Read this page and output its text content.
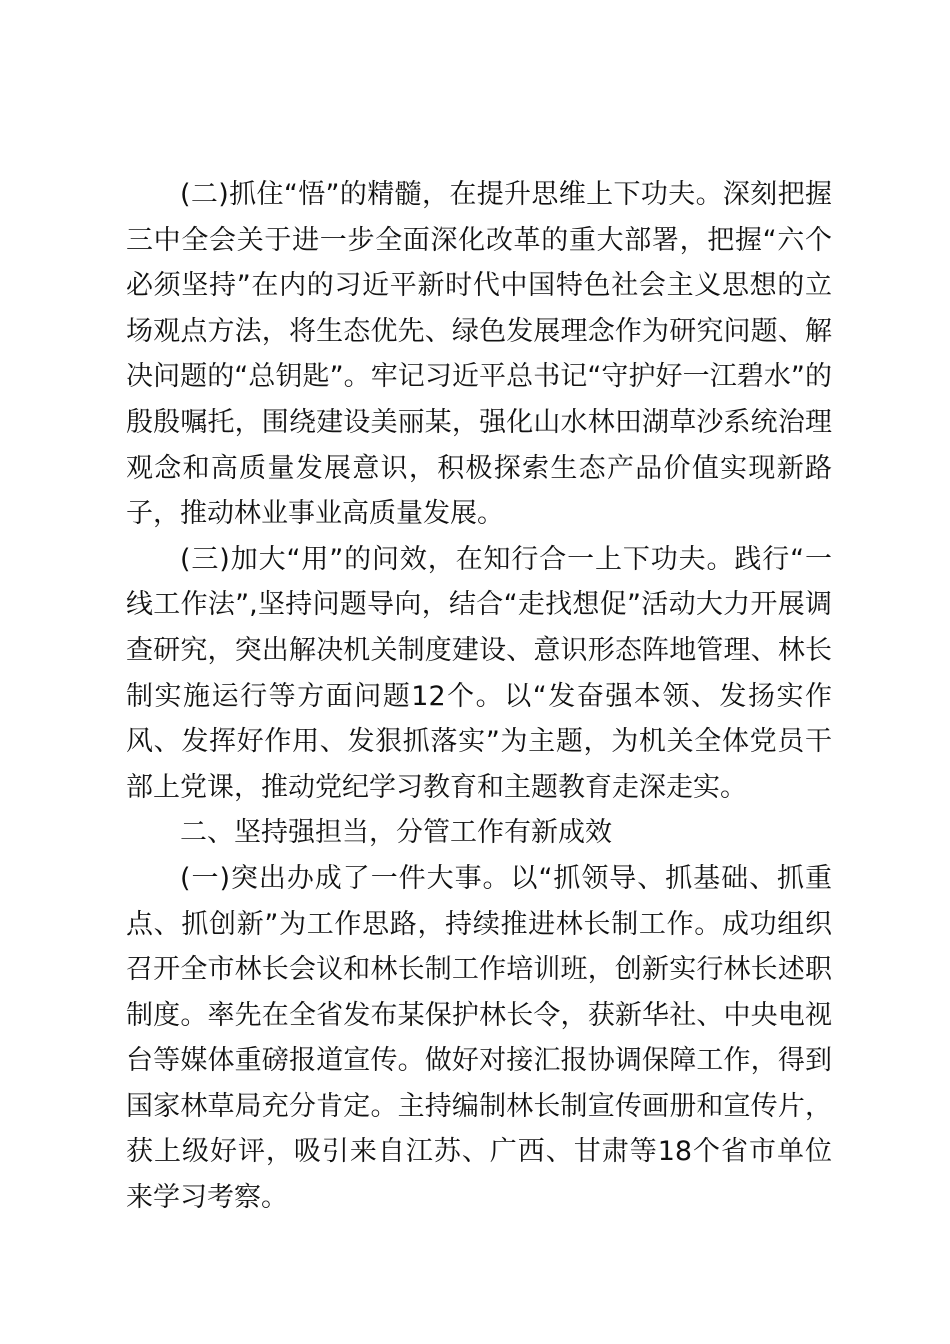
(二)抓住“悟”的精髓，在提升思维上下功夫。深刻把握三中全会关于进一步全面深化改革的重大部署，把握“六个必须坚持”在内的习近平新时代中国特色社会主义思想的立场观点方法，将生态优先、绿色发展理念作为研究问题、解决问题的“总钥匙”。牢记习近平总书记“守护好一江碧水”的殷殷嘱托，围绕建设美丽某，强化山水林田湖草沙系统治理观念和高质量发展意识，积极探索生态产品价值实现新路子，推动林业事业高质量发展。

(三)加大“用”的问效，在知行合一上下功夫。践行“一线工作法”,坚持问题导向，结合“走找想促”活动大力开展调查研究，突出解决机关制度建设、意识形态阵地管理、林长制实施运行等方面问题12个。以“发奋强本领、发扬实作风、发挥好作用、发狠抓落实”为主题，为机关全体党员干部上党课，推动党纪学习教育和主题教育走深走实。

二、坚持强担当，分管工作有新成效

(一)突出办成了一件大事。以“抓领导、抓基础、抓重点、抓创新”为工作思路，持续推进林长制工作。成功组织召开全市林长会议和林长制工作培训班，创新实行林长述职制度。率先在全省发布某保护林长令，获新华社、中央电视台等媒体重磅报道宣传。做好对接汇报协调保障工作，得到国家林草局充分肯定。主持编制林长制宣传画册和宣传片，获上级好评，吸引来自江苏、广西、甘肃等18个省市单位来学习考察。
